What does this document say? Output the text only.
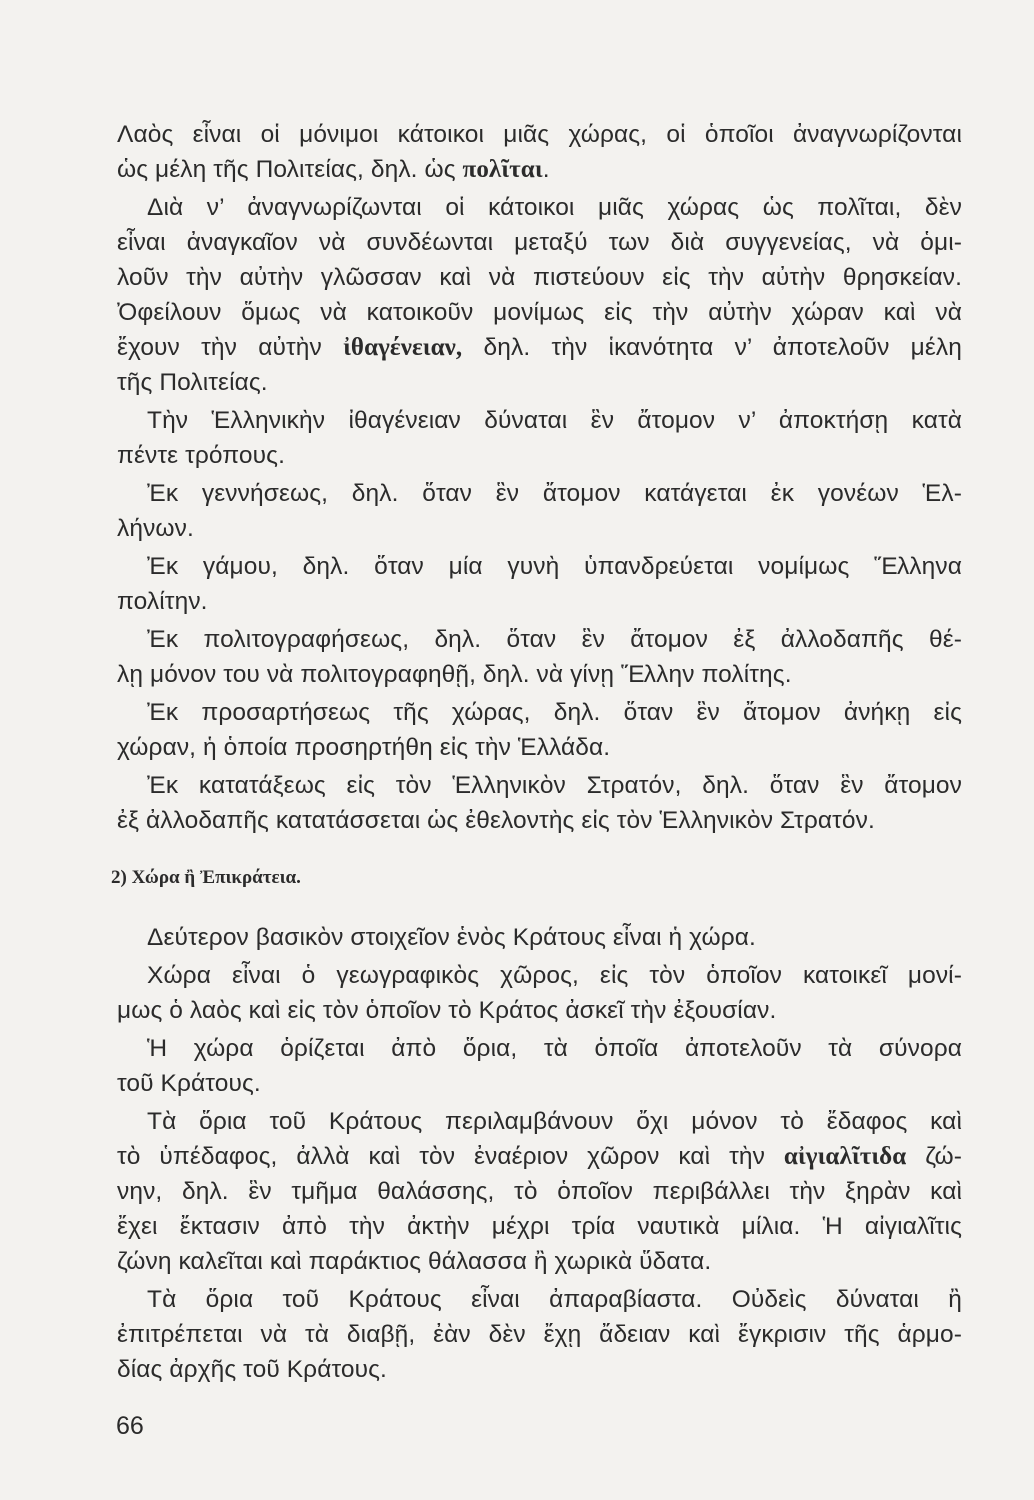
Λαὸς εἶναι οἱ μόνιμοι κάτοικοι μιᾶς χώρας, οἱ ὁποῖοι ἀναγνωρίζονται
ὡς μέλη τῆς Πολιτείας, δηλ. ὡς πολῖται.
Διὰ ν’ ἀναγνωρίζωνται οἱ κάτοικοι μιᾶς χώρας ὡς πολῖται, δὲν
εἶναι ἀναγκαῖον νὰ συνδέωνται μεταξύ των διὰ συγγενείας, νὰ ὁμι-
λοῦν τὴν αὐτὴν γλῶσσαν καὶ νὰ πιστεύουν εἰς τὴν αὐτὴν θρησκείαν.
Ὀφείλουν ὅμως νὰ κατοικοῦν μονίμως εἰς τὴν αὐτὴν χώραν καὶ νὰ
ἔχουν τὴν αὐτὴν ἰθαγένειαν, δηλ. τὴν ἱκανότητα ν’ ἀποτελοῦν μέλη
τῆς Πολιτείας.
Τὴν Ἑλληνικὴν ἰθαγένειαν δύναται ἓν ἄτομον ν’ ἀποκτήσῃ κατὰ
πέντε τρόπους.
Ἐκ γεννήσεως, δηλ. ὅταν ἓν ἄτομον κατάγεται ἐκ γονέων Ἑλ-
λήνων.
Ἐκ γάμου, δηλ. ὅταν μία γυνὴ ὑπανδρεύεται νομίμως Ἕλληνα
πολίτην.
Ἐκ πολιτογραφήσεως, δηλ. ὅταν ἓν ἄτομον ἐξ ἀλλοδαπῆς θέ-
λῃ μόνον του νὰ πολιτογραφηθῇ, δηλ. νὰ γίνῃ Ἕλλην πολίτης.
Ἐκ προσαρτήσεως τῆς χώρας, δηλ. ὅταν ἓν ἄτομον ἀνήκῃ εἰς
χώραν, ἡ ὁποία προσηρτήθη εἰς τὴν Ἑλλάδα.
Ἐκ κατατάξεως εἰς τὸν Ἑλληνικὸν Στρατόν, δηλ. ὅταν ἓν ἄτομον
ἐξ ἀλλοδαπῆς κατατάσσεται ὡς ἐθελοντὴς εἰς τὸν Ἑλληνικὸν Στρατόν.
2) Χώρα ἢ Ἐπικράτεια.
Δεύτερον βασικὸν στοιχεῖον ἑνὸς Κράτους εἶναι ἡ χώρα.
Χώρα εἶναι ὁ γεωγραφικὸς χῶρος, εἰς τὸν ὁποῖον κατοικεῖ μονί-
μως ὁ λαὸς καὶ εἰς τὸν ὁποῖον τὸ Κράτος ἀσκεῖ τὴν ἐξουσίαν.
Ἡ χώρα ὁρίζεται ἀπὸ ὅρια, τὰ ὁποῖα ἀποτελοῦν τὰ σύνορα
τοῦ Κράτους.
Τὰ ὅρια τοῦ Κράτους περιλαμβάνουν ὄχι μόνον τὸ ἔδαφος καὶ
τὸ ὑπέδαφος, ἀλλὰ καὶ τὸν ἐναέριον χῶρον καὶ τὴν αἰγιαλῖτιδα ζώ-
νην, δηλ. ἓν τμῆμα θαλάσσης, τὸ ὁποῖον περιβάλλει τὴν ξηρὰν καὶ
ἔχει ἔκτασιν ἀπὸ τὴν ἀκτὴν μέχρι τρία ναυτικὰ μίλια. Ἡ αἰγιαλῖτις
ζώνη καλεῖται καὶ παράκτιος θάλασσα ἢ χωρικὰ ὕδατα.
Τὰ ὅρια τοῦ Κράτους εἶναι ἀπαραβίαστα. Οὐδεὶς δύναται ἢ
ἐπιτρέπεται νὰ τὰ διαβῇ, ἐὰν δὲν ἔχῃ ἄδειαν καὶ ἔγκρισιν τῆς ἁρμο-
δίας ἀρχῆς τοῦ Κράτους.
66
